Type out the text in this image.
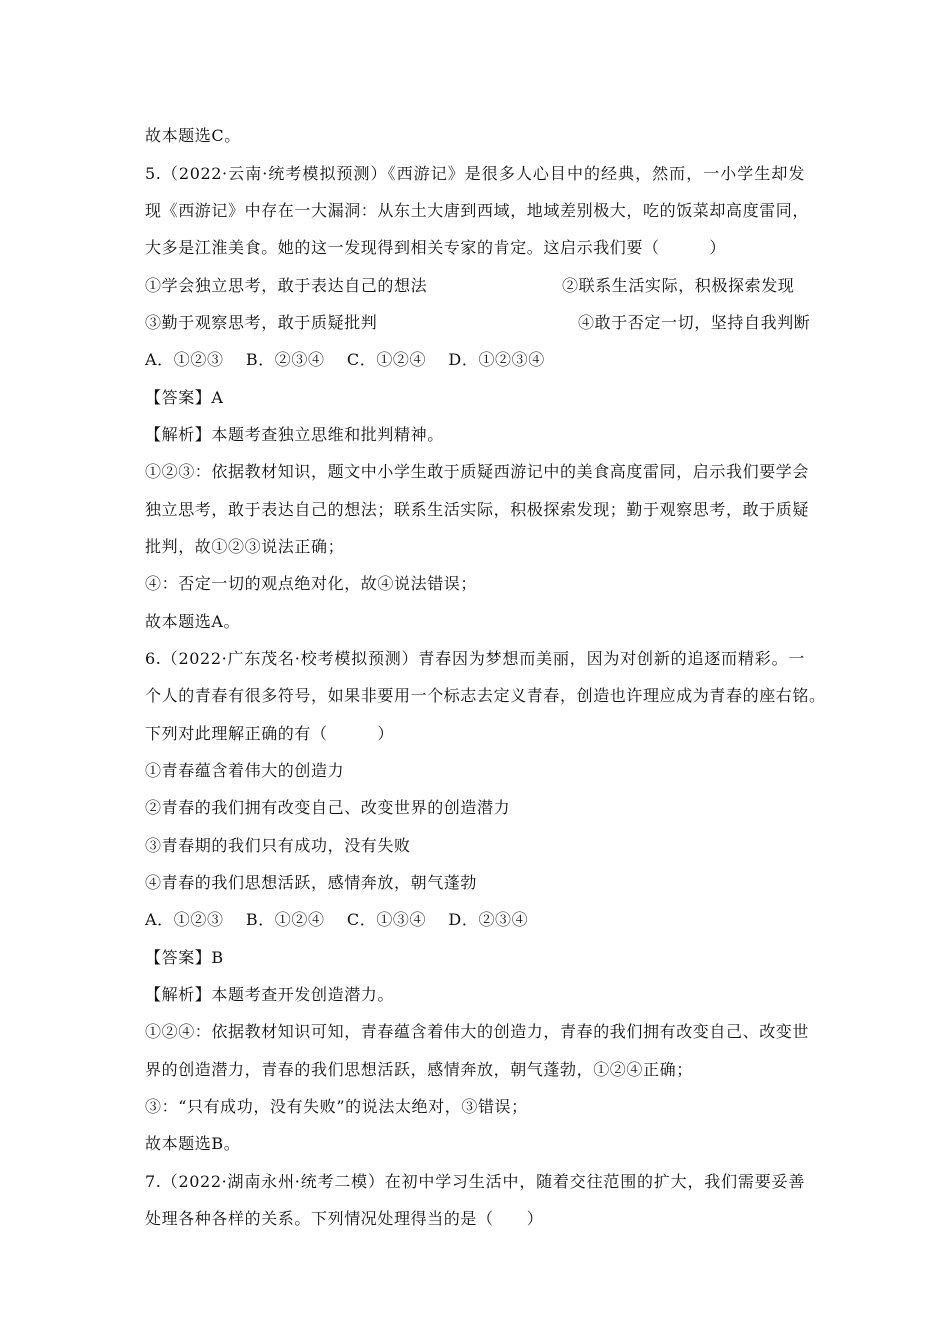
故本题选C。
5.（2022·云南·统考模拟预测）《西游记》是很多人心目中的经典，然而，一小学生却发
现《西游记》中存在一大漏洞：从东土大唐到西域，地域差别极大，吃的饭菜却高度雷同，
大多是江淮美食。她的这一发现得到相关专家的肯定。这启示我们要（　　　）
①学会独立思考，敢于表达自己的想法	②联系生活实际，积极探索发现
③勤于观察思考，敢于质疑批判	④敢于否定一切，坚持自我判断
A．①②③　 B．②③④　 C．①②④　 D．①②③④
【答案】A
【解析】本题考查独立思维和批判精神。
①②③：依据教材知识，题文中小学生敢于质疑西游记中的美食高度雷同，启示我们要学会
独立思考，敢于表达自己的想法；联系生活实际，积极探索发现；勤于观察思考，敢于质疑
批判，故①②③说法正确；
④：否定一切的观点绝对化，故④说法错误；
故本题选A。
6.（2022·广东茂名·校考模拟预测）青春因为梦想而美丽，因为对创新的追逐而精彩。一
个人的青春有很多符号，如果非要用一个标志去定义青春，创造也许理应成为青春的座右铭。
下列对此理解正确的有（　　　）
①青春蕴含着伟大的创造力
②青春的我们拥有改变自己、改变世界的创造潜力
③青春期的我们只有成功，没有失败
④青春的我们思想活跃，感情奔放，朝气蓬勃
A．①②③　 B．①②④　 C．①③④　 D．②③④
【答案】B
【解析】本题考查开发创造潜力。
①②④：依据教材知识可知，青春蕴含着伟大的创造力，青春的我们拥有改变自己、改变世
界的创造潜力，青春的我们思想活跃，感情奔放，朝气蓬勃，①②④正确；
③：“只有成功，没有失败”的说法太绝对，③错误；
故本题选B。
7.（2022·湖南永州·统考二模）在初中学习生活中，随着交往范围的扩大，我们需要妥善
处理各种各样的关系。下列情况处理得当的是（　　）
